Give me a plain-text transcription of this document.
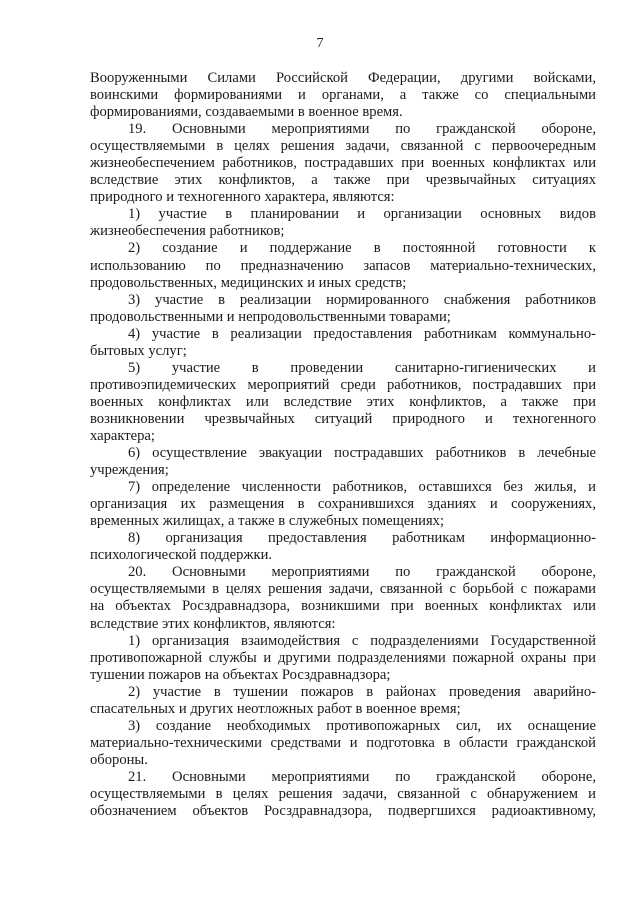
7
Вооруженными Силами Российской Федерации, другими войсками,
воинскими формированиями и органами, а также со специальными
формированиями, создаваемыми в военное время.
19. Основными мероприятиями по гражданской обороне,
осуществляемыми в целях решения задачи, связанной с первоочередным
жизнеобеспечением работников, пострадавших при военных конфликтах или
вследствие этих конфликтов, а также при чрезвычайных ситуациях
природного и техногенного характера, являются:
1) участие в планировании и организации основных видов
жизнеобеспечения работников;
2) создание и поддержание в постоянной готовности к
использованию по предназначению запасов материально-технических,
продовольственных, медицинских и иных средств;
3) участие в реализации нормированного снабжения работников
продовольственными и непродовольственными товарами;
4) участие в реализации предоставления работникам коммунально-
бытовых услуг;
5) участие в проведении санитарно-гигиенических и
противоэпидемических мероприятий среди работников, пострадавших при
военных конфликтах или вследствие этих конфликтов, а также при
возникновении чрезвычайных ситуаций природного и техногенного
характера;
6) осуществление эвакуации пострадавших работников в лечебные
учреждения;
7) определение численности работников, оставшихся без жилья, и
организация их размещения в сохранившихся зданиях и сооружениях,
временных жилищах, а также в служебных помещениях;
8) организация предоставления работникам информационно-
психологической поддержки.
20. Основными мероприятиями по гражданской обороне,
осуществляемыми в целях решения задачи, связанной с борьбой с пожарами
на объектах Росздравнадзора, возникшими при военных конфликтах или
вследствие этих конфликтов, являются:
1) организация взаимодействия с подразделениями Государственной
противопожарной службы и другими подразделениями пожарной охраны при
тушении пожаров на объектах Росздравнадзора;
2) участие в тушении пожаров в районах проведения аварийно-
спасательных и других неотложных работ в военное время;
3) создание необходимых противопожарных сил, их оснащение
материально-техническими средствами и подготовка в области гражданской
обороны.
21. Основными мероприятиями по гражданской обороне,
осуществляемыми в целях решения задачи, связанной с обнаружением и
обозначением объектов Росздравнадзора, подвергшихся радиоактивному,
